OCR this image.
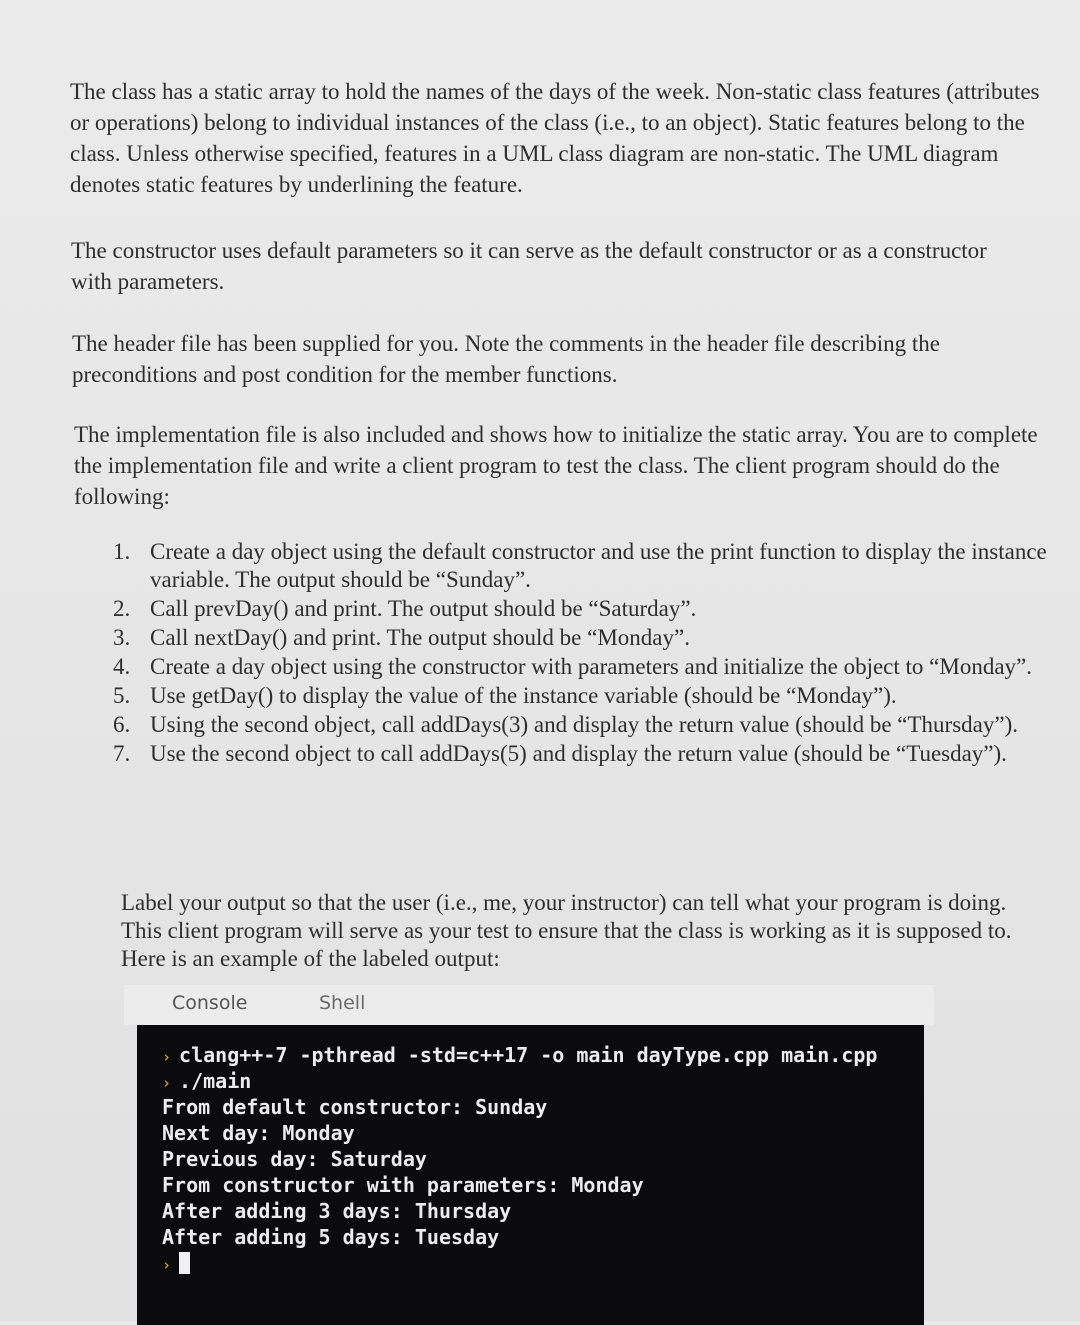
The class has a static array to hold the names of the days of the week. Non-static class features (attributes or operations) belong to individual instances of the class (i.e., to an object). Static features belong to the class. Unless otherwise specified, features in a UML class diagram are non-static. The UML diagram denotes static features by underlining the feature.

The constructor uses default parameters so it can serve as the default constructor or as a constructor with parameters.

The header file has been supplied for you. Note the comments in the header file describing the preconditions and post condition for the member functions.

The implementation file is also included and shows how to initialize the static array. You are to complete the implementation file and write a client program to test the class. The client program should do the following:

1. Create a day object using the default constructor and use the print function to display the instance variable. The output should be “Sunday”.
2. Call prevDay() and print. The output should be “Saturday”.
3. Call nextDay() and print. The output should be “Monday”.
4. Create a day object using the constructor with parameters and initialize the object to “Monday”.
5. Use getDay() to display the value of the instance variable (should be “Monday”).
6. Using the second object, call addDays(3) and display the return value (should be “Thursday”).
7. Use the second object to call addDays(5) and display the return value (should be “Tuesday”).

Label your output so that the user (i.e., me, your instructor) can tell what your program is doing. This client program will serve as your test to ensure that the class is working as it is supposed to. Here is an example of the labeled output:

Console	Shell
› clang++-7 -pthread -std=c++17 -o main dayType.cpp main.cpp
› ./main
From default constructor: Sunday
Next day: Monday
Previous day: Saturday
From constructor with parameters: Monday
After adding 3 days: Thursday
After adding 5 days: Tuesday
›
